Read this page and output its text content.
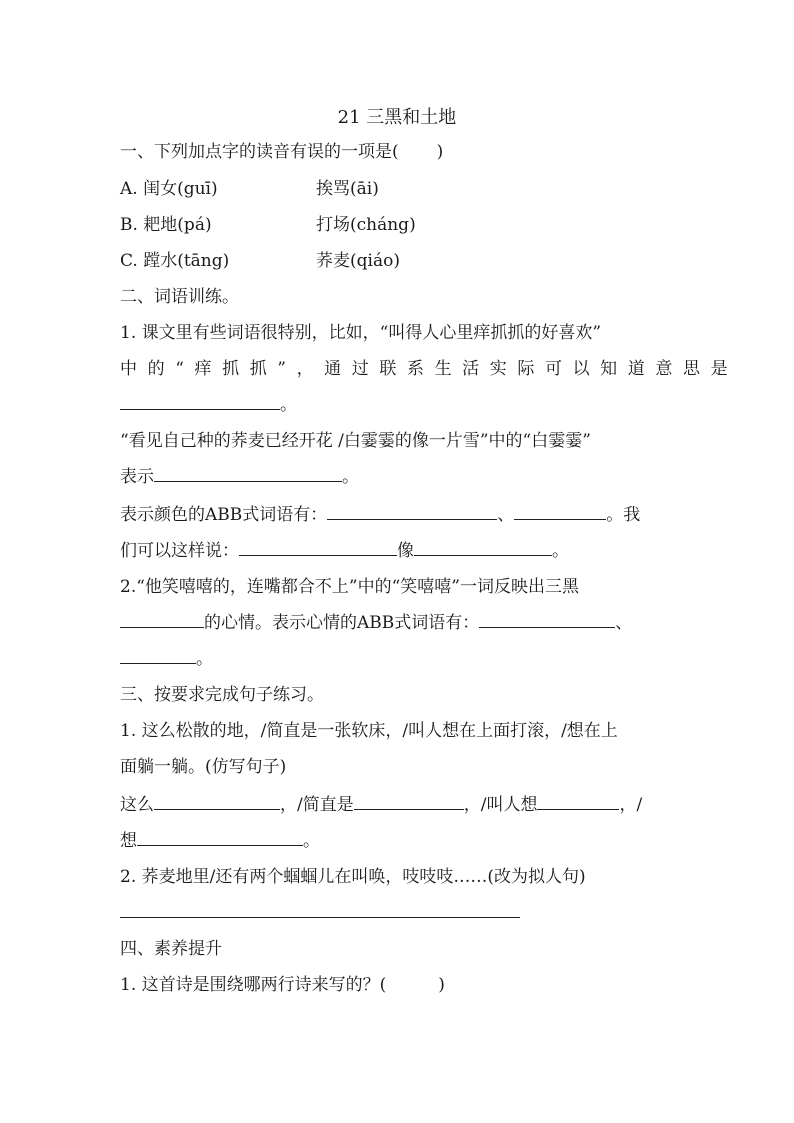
21 三黑和土地
一、下列加点字的读音有误的一项是( )
A. 闺女(guī)	挨骂(āi)
B. 耙地(pá)	打场(cháng)
C. 蹚水(tāng)	荞麦(qiáo)
二、词语训练。
1. 课文里有些词语很特别，比如，“叫得人心里痒抓抓的好喜欢”
中的“痒抓抓”，通过联系生活实际可以知道意思是
。
“看见自己种的荞麦已经开花 /白霎霎的像一片雪”中的“白霎霎”
表示	。
表示颜色的ABB式词语有：	、	。我
们可以这样说：	像	。
2.“他笑嘻嘻的，连嘴都合不上”中的“笑嘻嘻”一词反映出三黑
的心情。表示心情的ABB式词语有：	、
。
三、按要求完成句子练习。
1. 这么松散的地，/简直是一张软床，/叫人想在上面打滚，/想在上
面躺一躺。(仿写句子)
这么	，/简直是	，/叫人想	，/
想	。
2. 荞麦地里/还有两个蝈蝈儿在叫唤，吱吱吱……(改为拟人句)
四、素养提升
1. 这首诗是围绕哪两行诗来写的？(	)
